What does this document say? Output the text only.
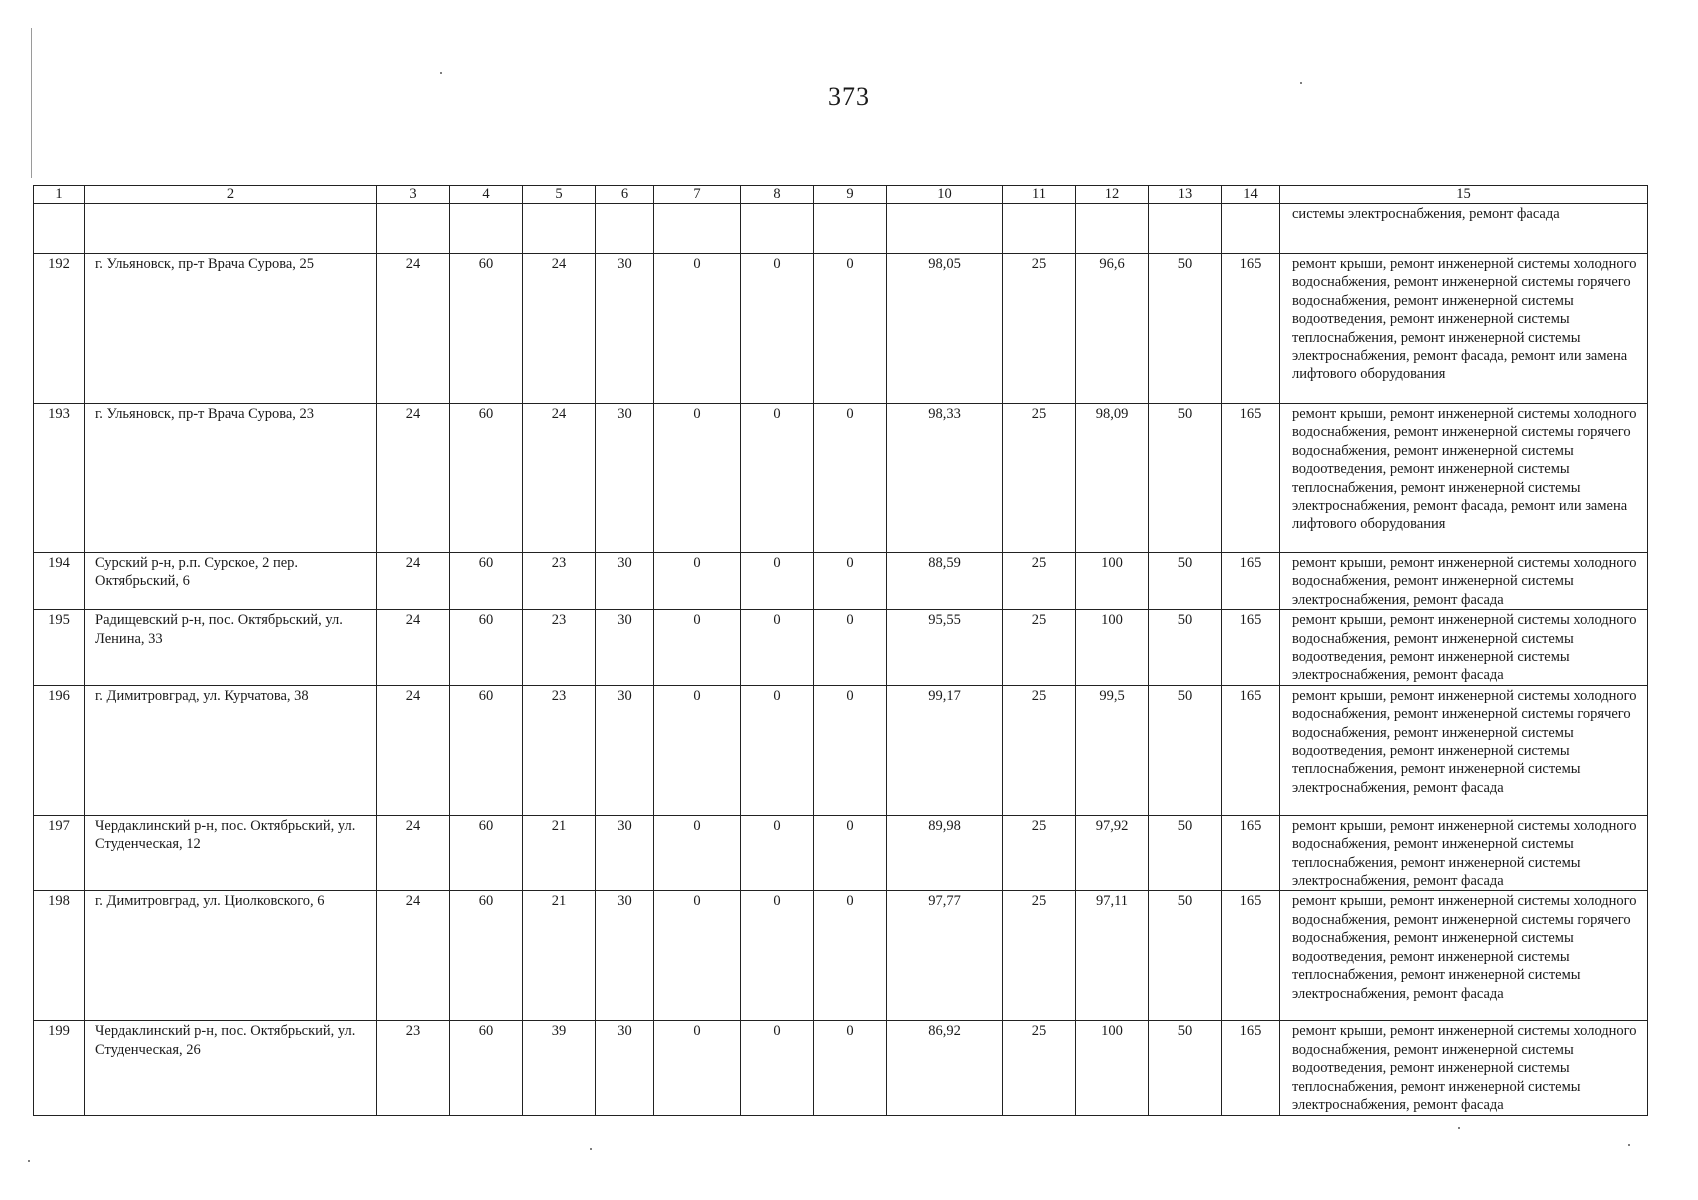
373
1	2	3	4	5	6	7	8	9	10	11	12	13	14	15
														системы электроснабжения, ремонт фасада
192	г. Ульяновск, пр-т Врача Сурова, 25	24	60	24	30	0	0	0	98,05	25	96,6	50	165	ремонт крыши, ремонт инженерной системы холодного водоснабжения, ремонт инженерной системы горячего водоснабжения, ремонт инженерной системы водоотведения, ремонт инженерной системы теплоснабжения, ремонт инженерной системы электроснабжения, ремонт фасада, ремонт или замена лифтового оборудования
193	г. Ульяновск, пр-т Врача Сурова, 23	24	60	24	30	0	0	0	98,33	25	98,09	50	165	ремонт крыши, ремонт инженерной системы холодного водоснабжения, ремонт инженерной системы горячего водоснабжения, ремонт инженерной системы водоотведения, ремонт инженерной системы теплоснабжения, ремонт инженерной системы электроснабжения, ремонт фасада, ремонт или замена лифтового оборудования
194	Сурский р-н, р.п. Сурское, 2 пер. Октябрьский, 6	24	60	23	30	0	0	0	88,59	25	100	50	165	ремонт крыши, ремонт инженерной системы холодного водоснабжения, ремонт инженерной системы электроснабжения, ремонт фасада
195	Радищевский р-н, пос. Октябрьский, ул. Ленина, 33	24	60	23	30	0	0	0	95,55	25	100	50	165	ремонт крыши, ремонт инженерной системы холодного водоснабжения, ремонт инженерной системы водоотведения, ремонт инженерной системы электроснабжения, ремонт фасада
196	г. Димитровград, ул. Курчатова, 38	24	60	23	30	0	0	0	99,17	25	99,5	50	165	ремонт крыши, ремонт инженерной системы холодного водоснабжения, ремонт инженерной системы горячего водоснабжения, ремонт инженерной системы водоотведения, ремонт инженерной системы теплоснабжения, ремонт инженерной системы электроснабжения, ремонт фасада
197	Чердаклинский р-н, пос. Октябрьский, ул. Студенческая, 12	24	60	21	30	0	0	0	89,98	25	97,92	50	165	ремонт крыши, ремонт инженерной системы холодного водоснабжения, ремонт инженерной системы теплоснабжения, ремонт инженерной системы электроснабжения, ремонт фасада
198	г. Димитровград, ул. Циолковского, 6	24	60	21	30	0	0	0	97,77	25	97,11	50	165	ремонт крыши, ремонт инженерной системы холодного водоснабжения, ремонт инженерной системы горячего водоснабжения, ремонт инженерной системы водоотведения, ремонт инженерной системы теплоснабжения, ремонт инженерной системы электроснабжения, ремонт фасада
199	Чердаклинский р-н, пос. Октябрьский, ул. Студенческая, 26	23	60	39	30	0	0	0	86,92	25	100	50	165	ремонт крыши, ремонт инженерной системы холодного водоснабжения, ремонт инженерной системы водоотведения, ремонт инженерной системы теплоснабжения, ремонт инженерной системы электроснабжения, ремонт фасада
